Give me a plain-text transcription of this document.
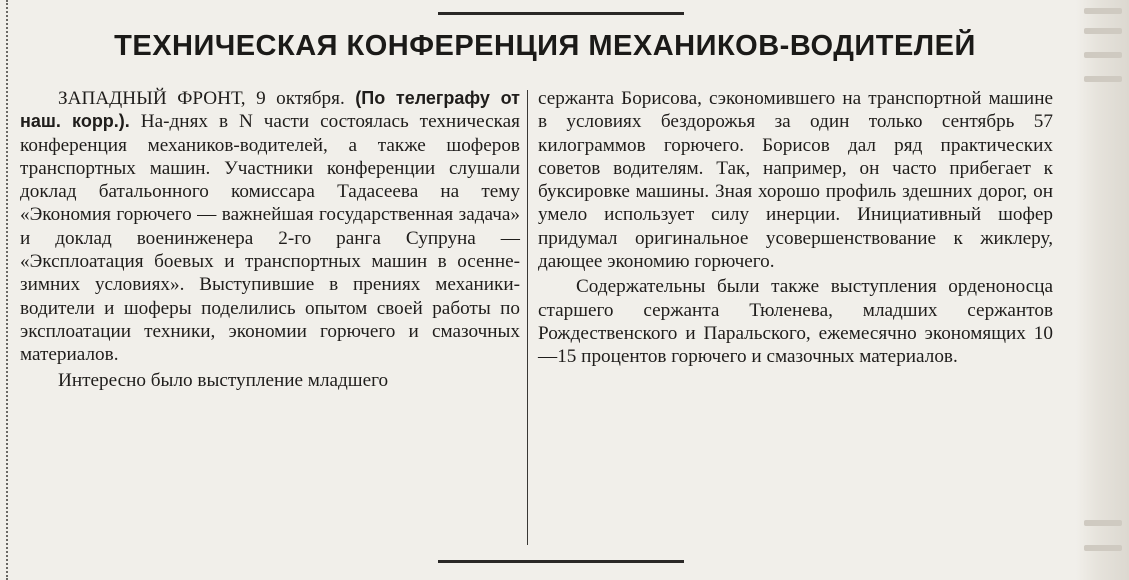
ТЕХНИЧЕСКАЯ КОНФЕРЕНЦИЯ МЕХАНИКОВ-ВОДИТЕЛЕЙ

ЗАПАДНЫЙ ФРОНТ, 9 октября. (По телеграфу от наш. корр.). На-днях в N части состоялась техническая конференция механиков-водителей, а также шоферов транспортных машин. Участники конференции слушали доклад батальонного комиссара Тадасеева на тему «Экономия горючего — важнейшая государственная задача» и доклад военинженера 2-го ранга Супруна — «Эксплоатация боевых и транспортных машин в осенне-зимних условиях». Выступившие в прениях механики-водители и шоферы поделились опытом своей работы по эксплоатации техники, экономии горючего и смазочных материалов.

Интересно было выступление младшего

сержанта Борисова, сэкономившего на транспортной машине в условиях бездорожья за один только сентябрь 57 килограммов горючего. Борисов дал ряд практических советов водителям. Так, например, он часто прибегает к буксировке машины. Зная хорошо профиль здешних дорог, он умело использует силу инерции. Инициативный шофер придумал оригинальное усовершенствование к жиклеру, дающее экономию горючего.

Содержательны были также выступления орденоносца старшего сержанта Тюленева, младших сержантов Рождественского и Паральского, ежемесячно экономящих 10—15 процентов горючего и смазочных материалов.
